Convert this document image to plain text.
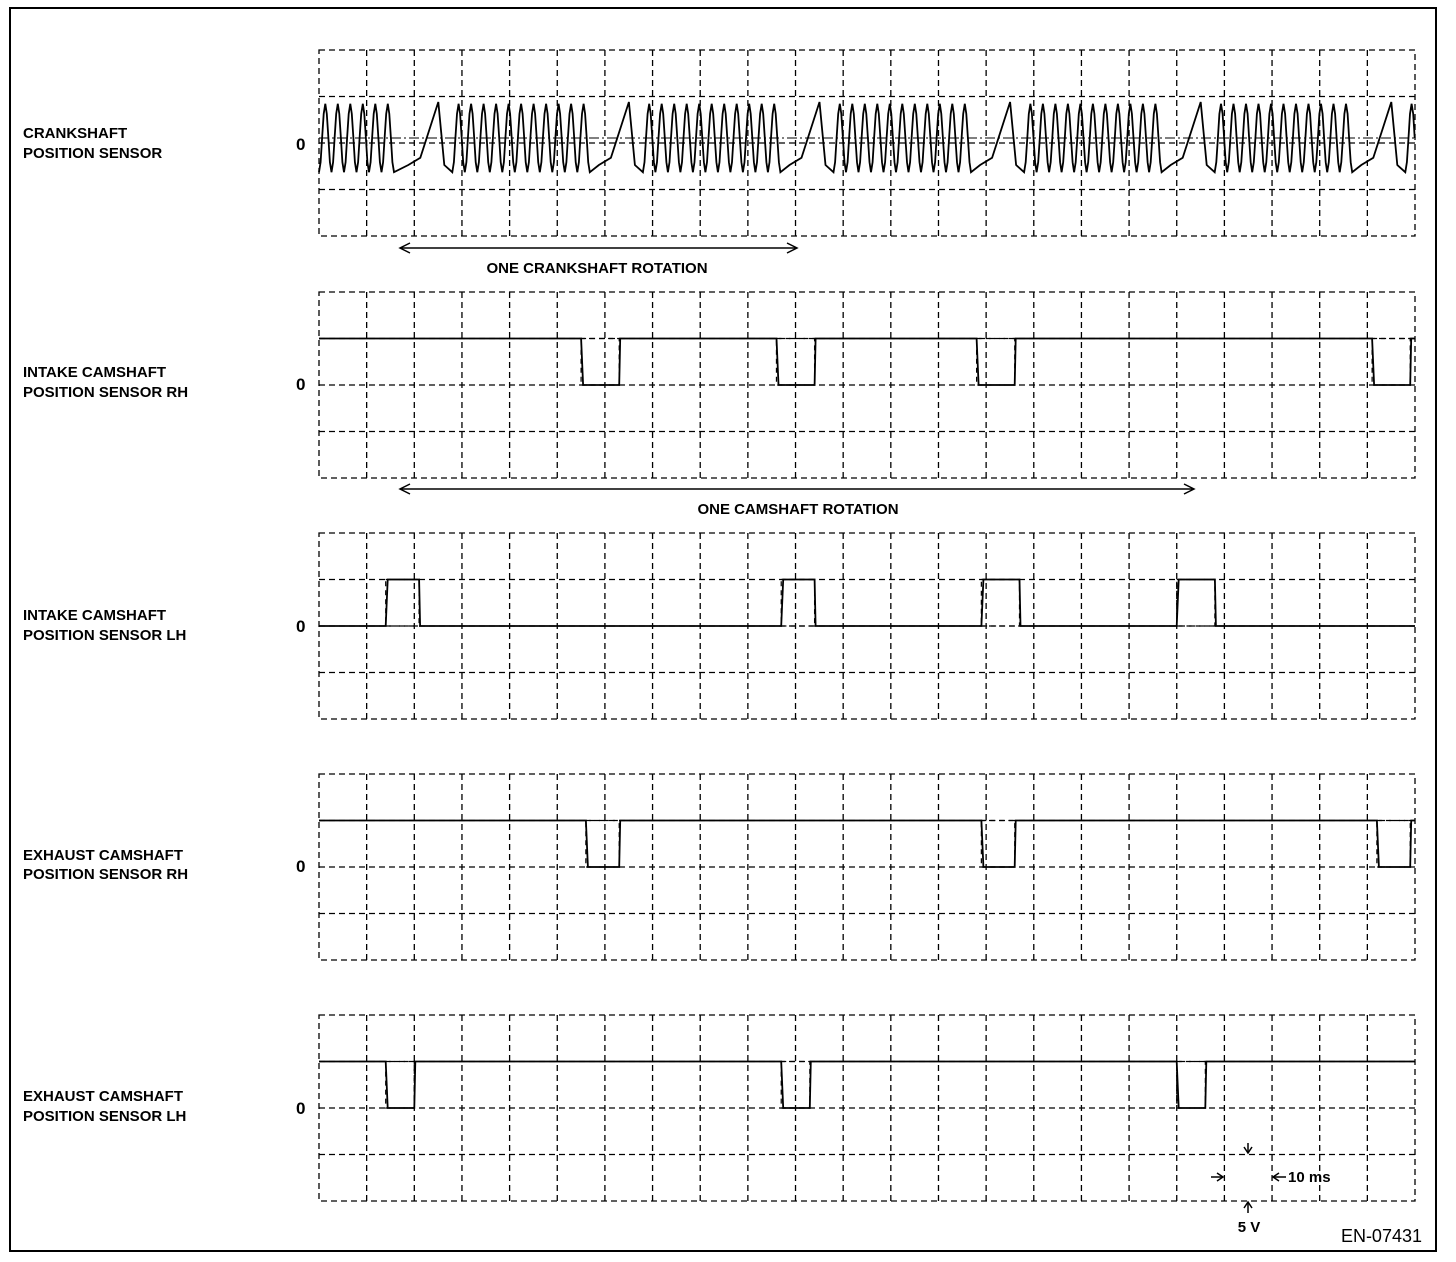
CRANKSHAFT
POSITION SENSOR
INTAKE CAMSHAFT
POSITION SENSOR RH
INTAKE CAMSHAFT
POSITION SENSOR LH
EXHAUST CAMSHAFT
POSITION SENSOR RH
EXHAUST CAMSHAFT
POSITION SENSOR LH
0
0
0
0
0
ONE CRANKSHAFT ROTATION
ONE CAMSHAFT ROTATION
10 ms
5 V	EN-07431
